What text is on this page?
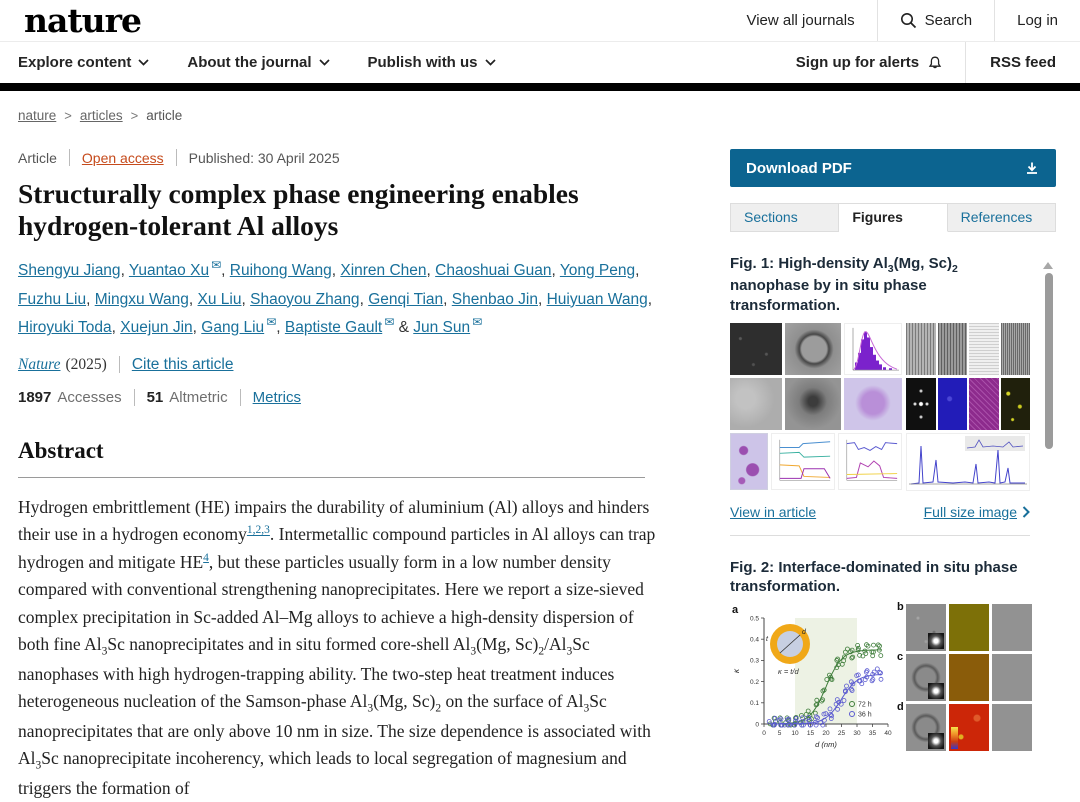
nature	View all journals	Search	Log in
Explore content	About the journal	Publish with us	Sign up for alerts	RSS feed
nature > articles > article
Article Open access Published: 30 April 2025
Structurally complex phase engineering enables hydrogen-tolerant Al alloys
Shengyu Jiang, Yuantao Xu ✉, Ruihong Wang, Xinren Chen, Chaoshuai Guan, Yong Peng, Fuzhu Liu, Mingxu Wang, Xu Liu, Shaoyou Zhang, Genqi Tian, Shenbao Jin, Huiyuan Wang, Hiroyuki Toda, Xuejun Jin, Gang Liu ✉, Baptiste Gault ✉ & Jun Sun ✉
Nature (2025) Cite this article
1897 Accesses 51 Altmetric Metrics
Abstract

Hydrogen embrittlement (HE) impairs the durability of aluminium (Al) alloys and hinders their use in a hydrogen economy$^{1,2,3}$. Intermetallic compound particles in Al alloys can trap hydrogen and mitigate HE$^4$, but these particles usually form in a low number density compared with conventional strengthening nanoprecipitates. Here we report a size-sieved complex precipitation in Sc-added Al–Mg alloys to achieve a high-density dispersion of both fine $Al_3Sc$ nanoprecipitates and in situ formed core-shell $Al_3(Mg$, $Sc)_2/Al_3Sc$ nanophases with high hydrogen-trapping ability. The two-step heat treatment induces heterogeneous nucleation of the Samson-phase $Al_3(Mg$, $Sc)_2$ on the surface of $Al_3Sc$ nanoprecipitates that are only above 10 nm in size. The size dependence is associated with $Al_3Sc$ nanoprecipitate incoherency, which leads to local segregation of magnesium and triggers the formation of

Download PDF
Sections	Figures	References
Fig. 1: High-density $Al_3(Mg$, $Sc)_2$ nanophase by in situ phase transformation.
View in article	Full size image
Fig. 2: Interface-dominated in situ phase transformation.
a
d
t
κ = t/d
0 5 10 15 20 25 30 35 40
0
0.1
0.2
0.3
0.4
0.5
d (nm)
κ
72 h
36 h
b
c
d
